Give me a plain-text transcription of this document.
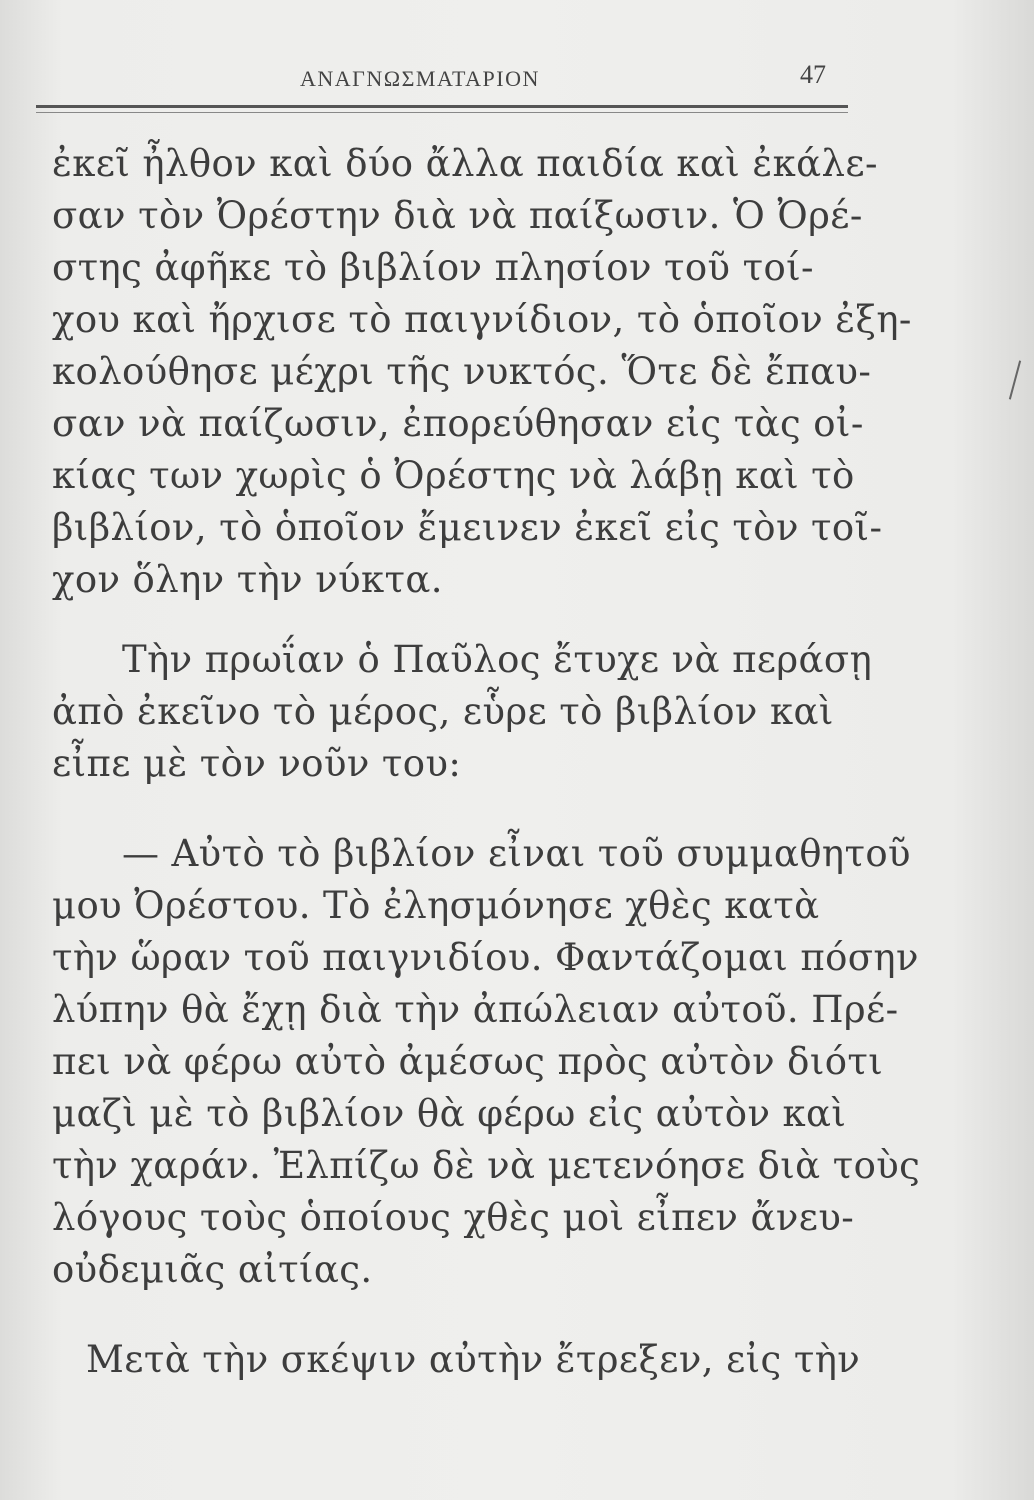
ΑΝΑΓΝΩΣΜΑΤΑΡΙΟΝ	47
ἐκεῖ ἦλθον καὶ δύο ἄλλα παιδία καὶ ἐκάλε-
σαν τὸν Ὀρέστην διὰ νὰ παίξωσιν. Ὁ Ὀρέ-
στης ἀφῆκε τὸ βιβλίον πλησίον τοῦ τοί-
χου καὶ ἤρχισε τὸ παιγνίδιον, τὸ ὁποῖον ἐξη-
κολούθησε μέχρι τῆς νυκτός. Ὅτε δὲ ἔπαυ-
σαν νὰ παίζωσιν, ἐπορεύθησαν εἰς τὰς οἰ-
κίας των χωρὶς ὁ Ὀρέστης νὰ λάβῃ καὶ τὸ
βιβλίον, τὸ ὁποῖον ἔμεινεν ἐκεῖ εἰς τὸν τοῖ-
χον ὅλην τὴν νύκτα.
Τὴν πρωΐαν ὁ Παῦλος ἔτυχε νὰ περάσῃ
ἀπὸ ἐκεῖνο τὸ μέρος, εὗρε τὸ βιβλίον καὶ
εἶπε μὲ τὸν νοῦν του:
— Αὐτὸ τὸ βιβλίον εἶναι τοῦ συμμαθητοῦ
μου Ὀρέστου. Τὸ ἐλησμόνησε χθὲς κατὰ
τὴν ὥραν τοῦ παιγνιδίου. Φαντάζομαι πόσην
λύπην θὰ ἔχῃ διὰ τὴν ἀπώλειαν αὐτοῦ. Πρέ-
πει νὰ φέρω αὐτὸ ἀμέσως πρὸς αὐτὸν διότι
μαζὶ μὲ τὸ βιβλίον θὰ φέρω εἰς αὐτὸν καὶ
τὴν χαράν. Ἐλπίζω δὲ νὰ μετενόησε διὰ τοὺς
λόγους τοὺς ὁποίους χθὲς μοὶ εἶπεν ἄνευ-
οὐδεμιᾶς αἰτίας.
Μετὰ τὴν σκέψιν αὐτὴν ἔτρεξεν, εἰς τὴν
